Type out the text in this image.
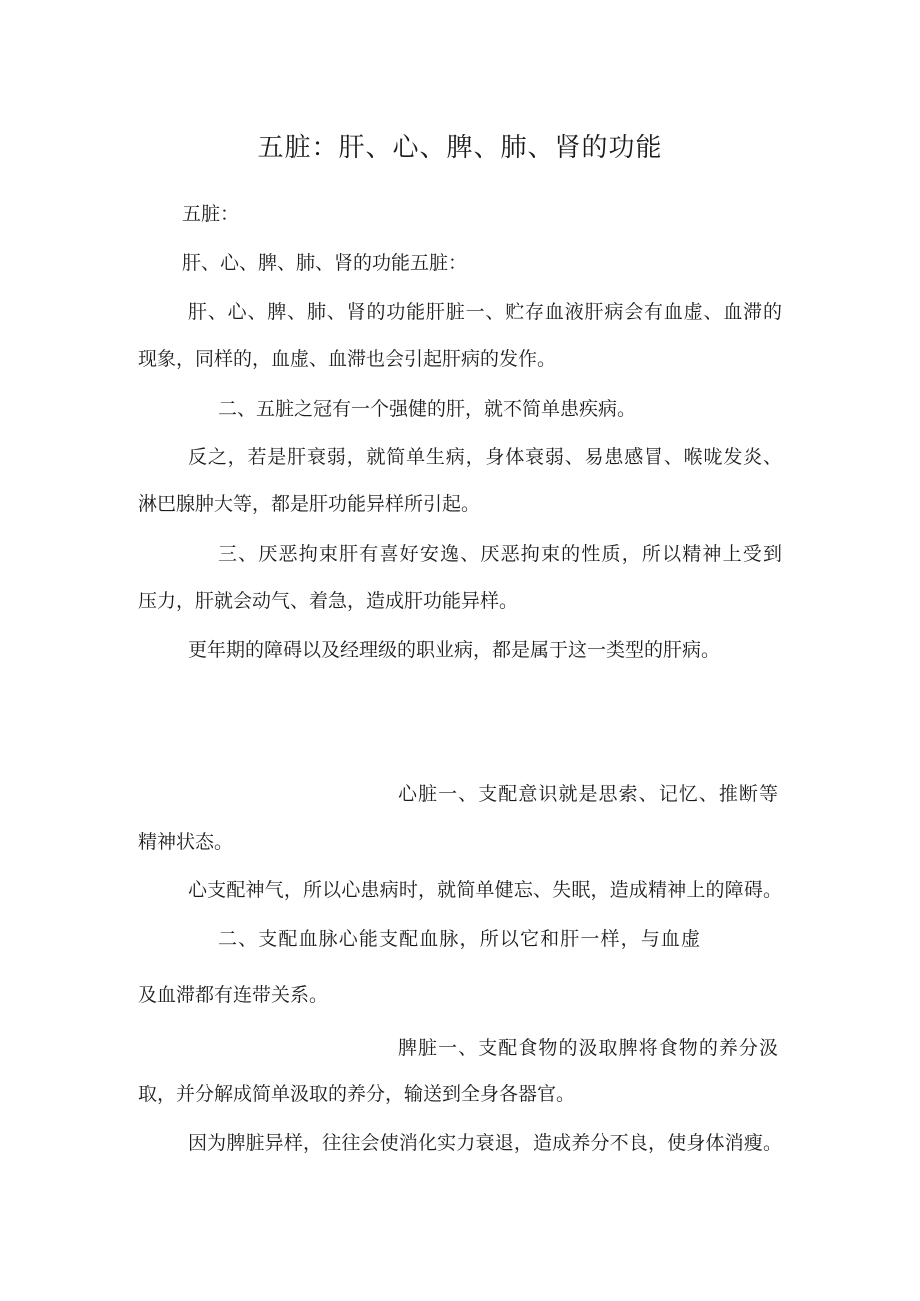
五脏：肝、心、脾、肺、肾的功能
五脏：
肝、心、脾、肺、肾的功能五脏：
肝、心、脾、肺、肾的功能肝脏一、贮存血液肝病会有血虚、血滞的
现象，同样的，血虚、血滞也会引起肝病的发作。
二、五脏之冠有一个强健的肝，就不简单患疾病。
反之，若是肝衰弱，就简单生病，身体衰弱、易患感冒、喉咙发炎、
淋巴腺肿大等，都是肝功能异样所引起。
三、厌恶拘束肝有喜好安逸、厌恶拘束的性质，所以精神上受到
压力，肝就会动气、着急，造成肝功能异样。
更年期的障碍以及经理级的职业病，都是属于这一类型的肝病。
心脏一、支配意识就是思索、记忆、推断等
精神状态。
心支配神气，所以心患病时，就简单健忘、失眠，造成精神上的障碍。
二、支配血脉心能支配血脉，所以它和肝一样，与血虚
及血滞都有连带关系。
脾脏一、支配食物的汲取脾将食物的养分汲
取，并分解成简单汲取的养分，输送到全身各器官。
因为脾脏异样，往往会使消化实力衰退，造成养分不良，使身体消瘦。
